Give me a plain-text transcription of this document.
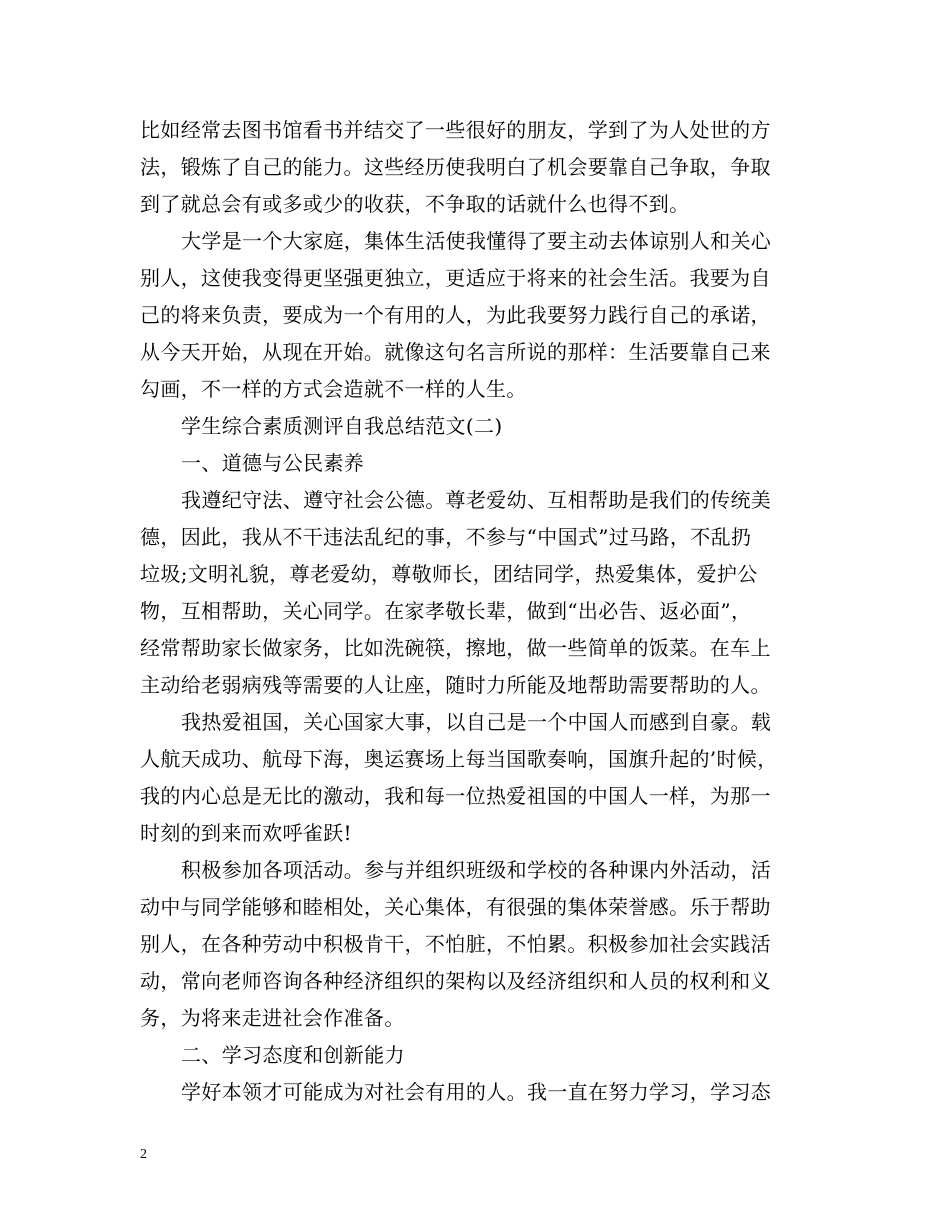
比如经常去图书馆看书并结交了一些很好的朋友，学到了为人处世的方
法，锻炼了自己的能力。这些经历使我明白了机会要靠自己争取，争取
到了就总会有或多或少的收获，不争取的话就什么也得不到。
大学是一个大家庭，集体生活使我懂得了要主动去体谅别人和关心
别人，这使我变得更坚强更独立，更适应于将来的社会生活。我要为自
己的将来负责，要成为一个有用的人，为此我要努力践行自己的承诺，
从今天开始，从现在开始。就像这句名言所说的那样：生活要靠自己来
勾画，不一样的方式会造就不一样的人生。
学生综合素质测评自我总结范文(二)
一、道德与公民素养
我遵纪守法、遵守社会公德。尊老爱幼、互相帮助是我们的传统美
德，因此，我从不干违法乱纪的事，不参与“中国式”过马路，不乱扔
垃圾;文明礼貌，尊老爱幼，尊敬师长，团结同学，热爱集体，爱护公
物，互相帮助，关心同学。在家孝敬长辈，做到“出必告、返必面”，
经常帮助家长做家务，比如洗碗筷，擦地，做一些简单的饭菜。在车上
主动给老弱病残等需要的人让座，随时力所能及地帮助需要帮助的人。
我热爱祖国，关心国家大事，以自己是一个中国人而感到自豪。载
人航天成功、航母下海，奥运赛场上每当国歌奏响，国旗升起的’时候，
我的内心总是无比的激动，我和每一位热爱祖国的中国人一样，为那一
时刻的到来而欢呼雀跃!
积极参加各项活动。参与并组织班级和学校的各种课内外活动，活
动中与同学能够和睦相处，关心集体，有很强的集体荣誉感。乐于帮助
别人，在各种劳动中积极肯干，不怕脏，不怕累。积极参加社会实践活
动，常向老师咨询各种经济组织的架构以及经济组织和人员的权利和义
务，为将来走进社会作准备。
二、学习态度和创新能力
学好本领才可能成为对社会有用的人。我一直在努力学习，学习态
2
